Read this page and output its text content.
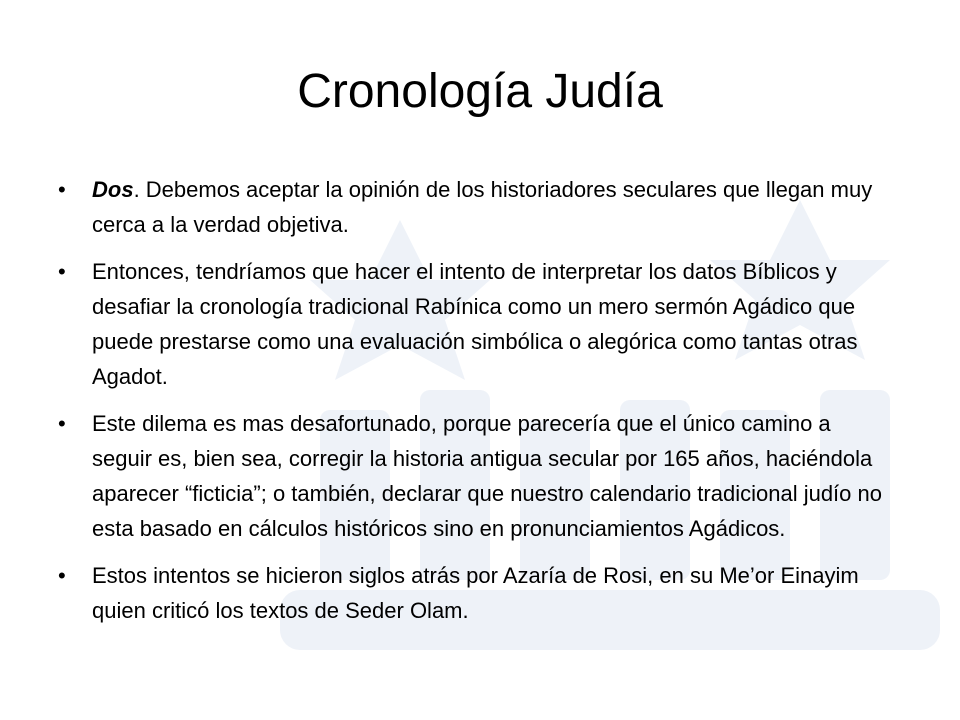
Cronología Judía
• Dos. Debemos aceptar la opinión de los historiadores seculares que llegan muy cerca a la verdad objetiva.
• Entonces, tendríamos que hacer el intento de interpretar los datos Bíblicos y desafiar la cronología tradicional Rabínica como un mero sermón Agádico que puede prestarse como una evaluación simbólica o alegórica como tantas otras Agadot.
• Este dilema es mas desafortunado, porque parecería que el único camino a seguir es, bien sea, corregir la historia antigua secular por 165 años, haciéndola aparecer “ficticia”; o también, declarar que nuestro calendario tradicional judío no esta basado en cálculos históricos sino en pronunciamientos Agádicos.
• Estos intentos se hicieron siglos atrás por Azaría de Rosi, en su Me’or Einayim quien criticó los textos de Seder Olam.
